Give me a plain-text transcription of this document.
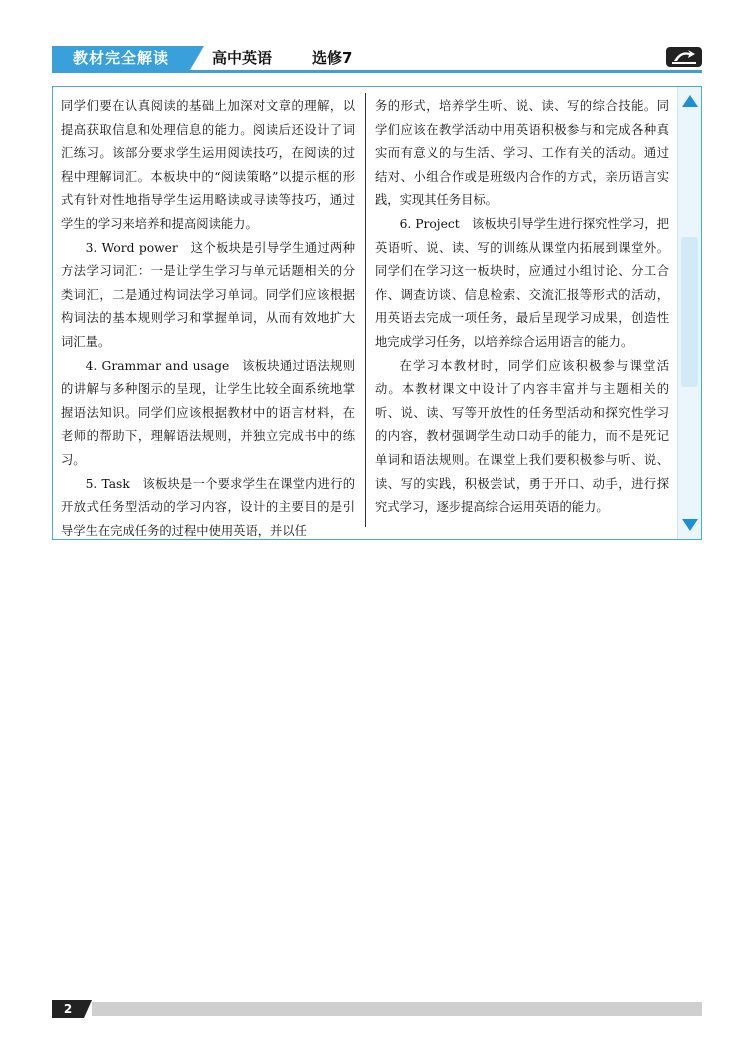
教材完全解读	高中英语	选修7

同学们要在认真阅读的基础上加深对文章的理解，以提高获取信息和处理信息的能力。阅读后还设计了词汇练习。该部分要求学生运用阅读技巧，在阅读的过程中理解词汇。本板块中的“阅读策略”以提示框的形式有针对性地指导学生运用略读或寻读等技巧，通过学生的学习来培养和提高阅读能力。

3. Word power　这个板块是引导学生通过两种方法学习词汇：一是让学生学习与单元话题相关的分类词汇，二是通过构词法学习单词。同学们应该根据构词法的基本规则学习和掌握单词，从而有效地扩大词汇量。

4. Grammar and usage　该板块通过语法规则的讲解与多种图示的呈现，让学生比较全面系统地掌握语法知识。同学们应该根据教材中的语言材料，在老师的帮助下，理解语法规则，并独立完成书中的练习。

5. Task　该板块是一个要求学生在课堂内进行的开放式任务型活动的学习内容，设计的主要目的是引导学生在完成任务的过程中使用英语，并以任

务的形式，培养学生听、说、读、写的综合技能。同学们应该在教学活动中用英语积极参与和完成各种真实而有意义的与生活、学习、工作有关的活动。通过结对、小组合作或是班级内合作的方式，亲历语言实践，实现其任务目标。

6. Project　该板块引导学生进行探究性学习，把英语听、说、读、写的训练从课堂内拓展到课堂外。同学们在学习这一板块时，应通过小组讨论、分工合作、调查访谈、信息检索、交流汇报等形式的活动，用英语去完成一项任务，最后呈现学习成果，创造性地完成学习任务，以培养综合运用语言的能力。

在学习本教材时，同学们应该积极参与课堂活动。本教材课文中设计了内容丰富并与主题相关的听、说、读、写等开放性的任务型活动和探究性学习的内容，教材强调学生动口动手的能力，而不是死记单词和语法规则。在课堂上我们要积极参与听、说、读、写的实践，积极尝试，勇于开口、动手，进行探究式学习，逐步提高综合运用英语的能力。

2
